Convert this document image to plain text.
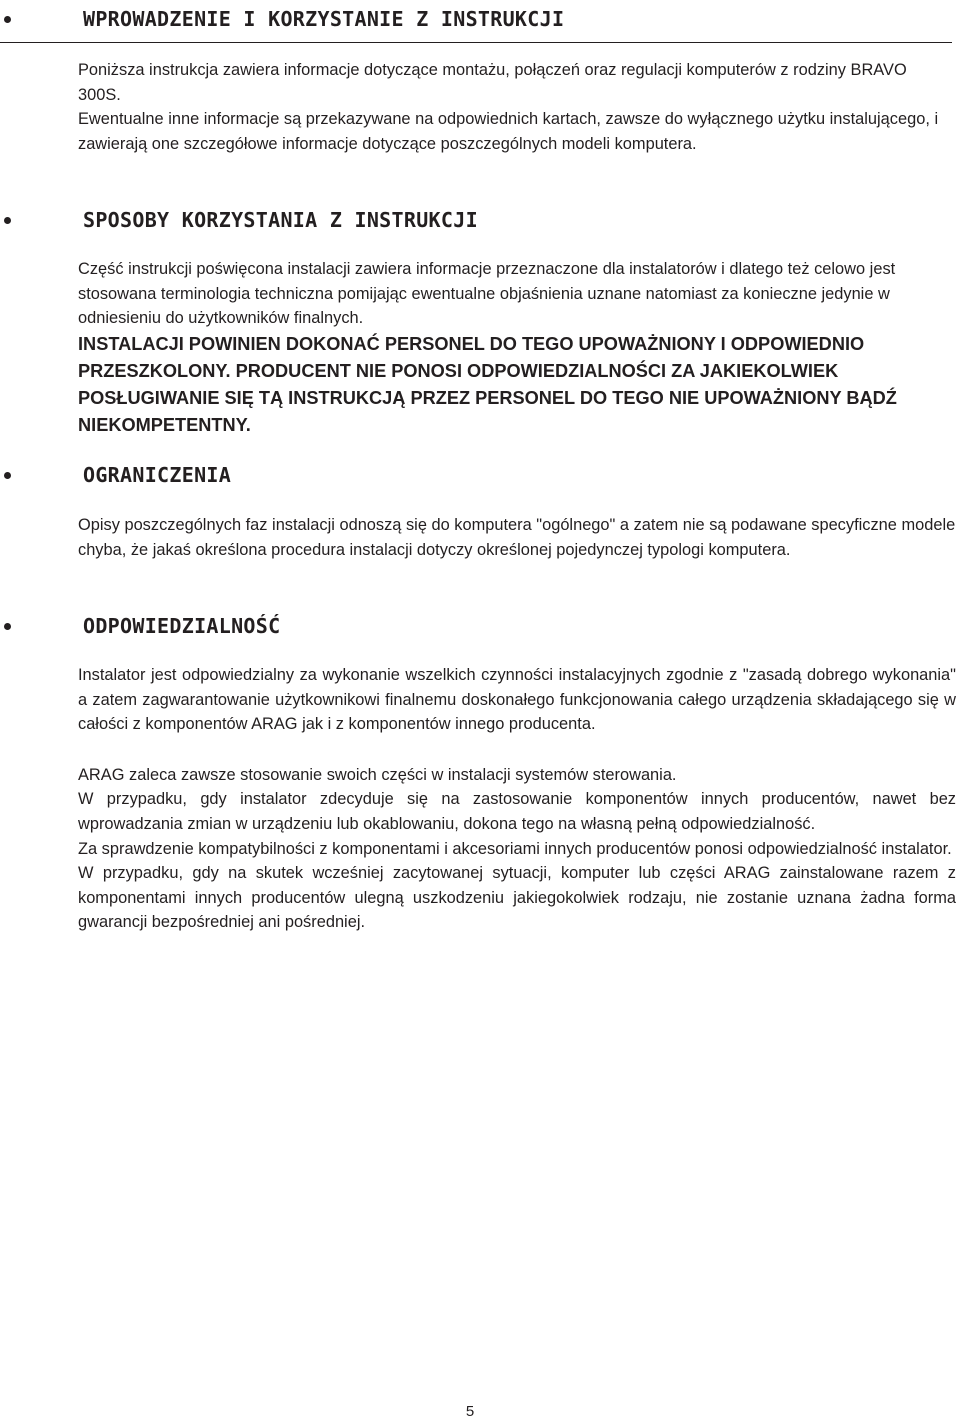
WPROWADZENIE I KORZYSTANIE Z INSTRUKCJI

Poniższa instrukcja zawiera informacje dotyczące montażu, połączeń oraz regulacji komputerów z rodziny BRAVO 300S.

Ewentualne inne informacje są przekazywane na odpowiednich kartach, zawsze do wyłącznego użytku instalującego, i zawierają one szczegółowe informacje dotyczące poszczególnych modeli komputera.

SPOSOBY KORZYSTANIA Z INSTRUKCJI

Część instrukcji poświęcona instalacji zawiera informacje przeznaczone dla instalatorów i dlatego też celowo jest stosowana terminologia techniczna pomijając ewentualne objaśnienia uznane natomiast za konieczne jedynie w odniesieniu do użytkowników finalnych.

INSTALACJI POWINIEN DOKONAĆ PERSONEL DO TEGO UPOWAŻNIONY I ODPOWIEDNIO PRZESZKOLONY. PRODUCENT NIE PONOSI ODPOWIEDZIALNOŚCI ZA JAKIEKOLWIEK POSŁUGIWANIE SIĘ TĄ INSTRUKCJĄ PRZEZ PERSONEL DO TEGO NIE UPOWAŻNIONY BĄDŹ NIEKOMPETENTNY.

OGRANICZENIA

Opisy poszczególnych faz instalacji odnoszą się do komputera "ogólnego" a zatem nie są podawane specyficzne modele chyba, że jakaś określona procedura instalacji dotyczy określonej pojedynczej typologi komputera.

ODPOWIEDZIALNOŚĆ

Instalator jest odpowiedzialny za wykonanie wszelkich czynności instalacyjnych zgodnie z "zasadą dobrego wykonania" a zatem zagwarantowanie użytkownikowi finalnemu doskonałego funkcjonowania całego urządzenia składającego się w całości z komponentów ARAG jak i z komponentów innego producenta.

ARAG zaleca zawsze stosowanie swoich części w instalacji systemów sterowania.

W przypadku, gdy instalator zdecyduje się na zastosowanie komponentów innych producentów, nawet bez wprowadzania zmian w urządzeniu lub okablowaniu, dokona tego na własną pełną odpowiedzialność.

Za sprawdzenie kompatybilności z komponentami i akcesoriami innych producentów ponosi odpowiedzialność instalator.

W przypadku, gdy na skutek wcześniej zacytowanej sytuacji, komputer lub części ARAG zainstalowane razem z komponentami innych producentów ulegną uszkodzeniu jakiegokolwiek rodzaju, nie zostanie uznana żadna forma gwarancji bezpośredniej ani pośredniej.

5
